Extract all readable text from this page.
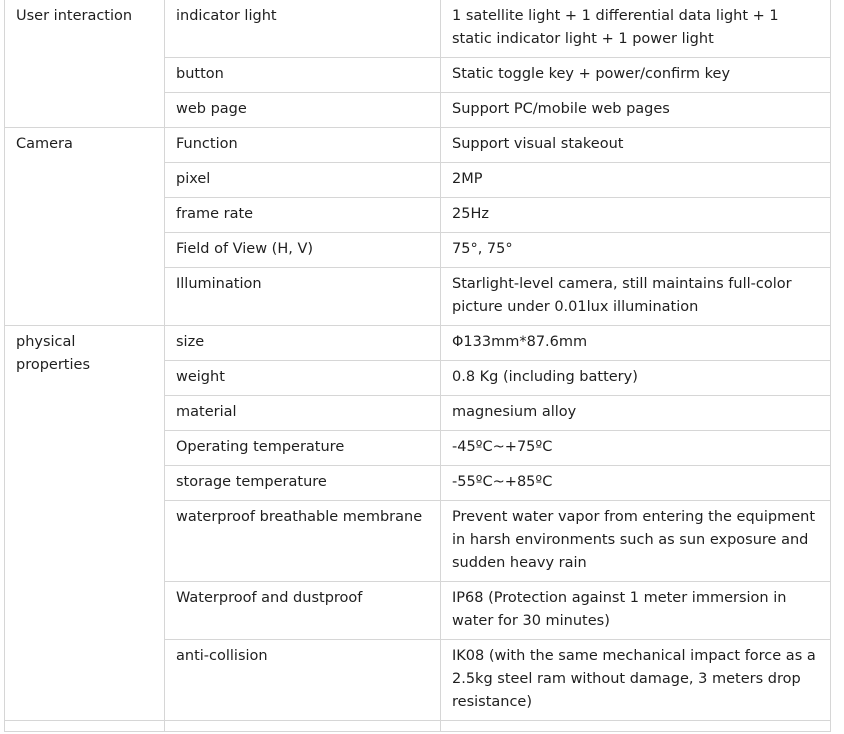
User interaction	indicator light	1 satellite light + 1 differential data light + 1 static indicator light + 1 power light
	button	Static toggle key + power/confirm key
	web page	Support PC/mobile web pages
Camera	Function	Support visual stakeout
	pixel	2MP
	frame rate	25Hz
	Field of View (H, V)	75°, 75°
	Illumination	Starlight-level camera, still maintains full-color picture under 0.01lux illumination
physical properties	size	Φ133mm*87.6mm
	weight	0.8 Kg (including battery)
	material	magnesium alloy
	Operating temperature	-45ºC~+75ºC
	storage temperature	-55ºC~+85ºC
	waterproof breathable membrane	Prevent water vapor from entering the equipment in harsh environments such as sun exposure and sudden heavy rain
	Waterproof and dustproof	IP68 (Protection against 1 meter immersion in water for 30 minutes)
	anti-collision	IK08 (with the same mechanical impact force as a 2.5kg steel ram without damage, 3 meters drop resistance)
